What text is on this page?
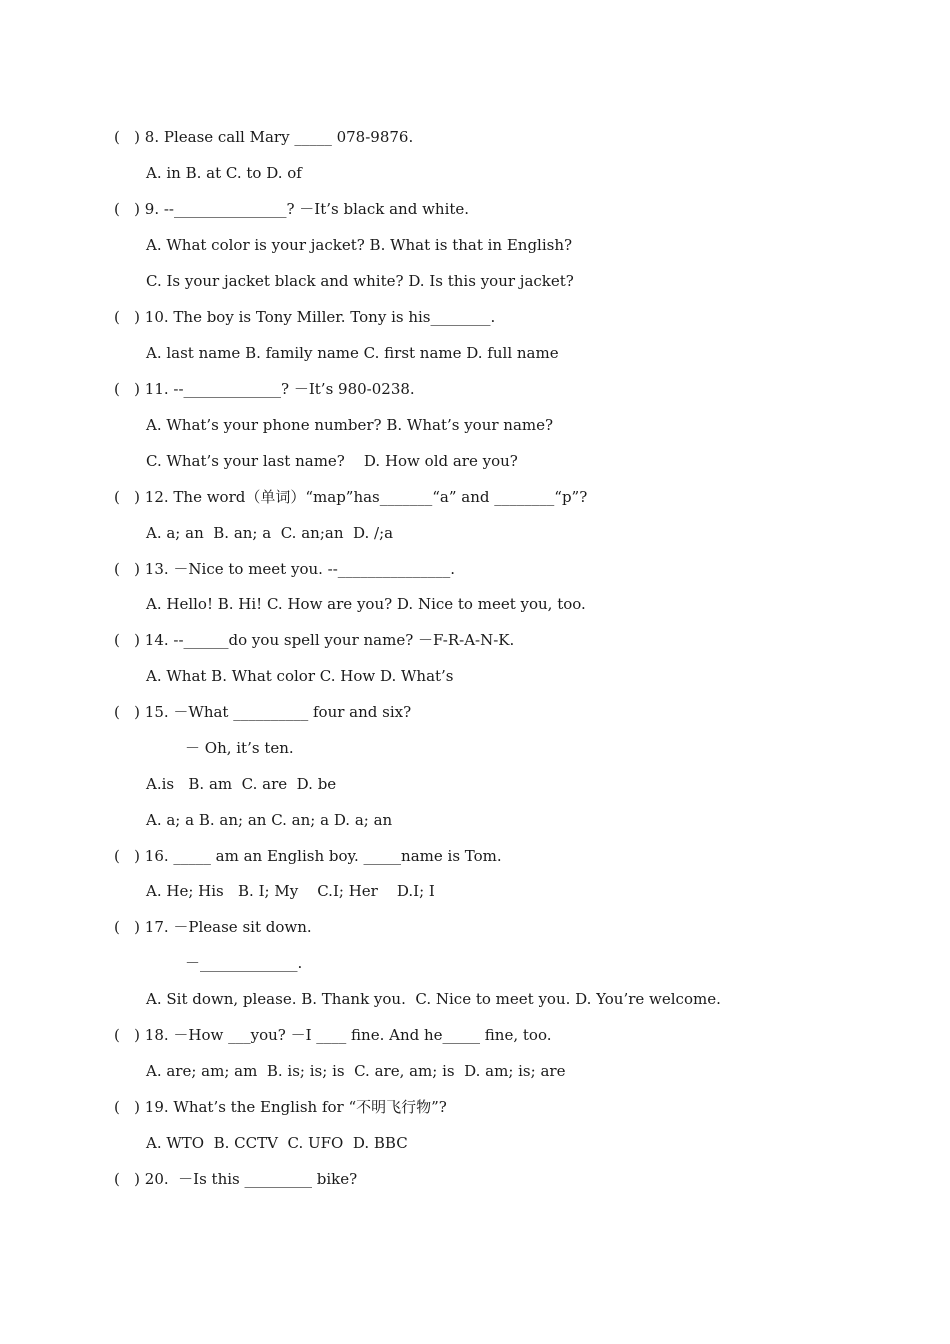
(   ) 8. Please call Mary _____ 078-9876.
A. in B. at C. to D. of
(   ) 9. --_______________? －It’s black and white.
A. What color is your jacket? B. What is that in English?
C. Is your jacket black and white? D. Is this your jacket?
(   ) 10. The boy is Tony Miller. Tony is his________.
A. last name B. family name C. first name D. full name
(   ) 11. --_____________? －It’s 980-0238.
A. What’s your phone number? B. What’s your name?
C. What’s your last name?    D. How old are you?
(   ) 12. The word（单词）“map”has_______“a” and ________“p”?
A. a; an  B. an; a  C. an;an  D. /;a
(   ) 13. －Nice to meet you. --_______________.
A. Hello! B. Hi! C. How are you? D. Nice to meet you, too.
(   ) 14. --______do you spell your name? －F-R-A-N-K.
A. What B. What color C. How D. What’s
(   ) 15. －What __________ four and six?
－ Oh, it’s ten.
A.is   B. am  C. are  D. be
A. a; a B. an; an C. an; a D. a; an
(   ) 16. _____ am an English boy. _____name is Tom.
A. He; His   B. I; My    C.I; Her    D.I; I
(   ) 17. －Please sit down.
－_____________.
A. Sit down, please. B. Thank you.  C. Nice to meet you. D. You’re welcome.
(   ) 18. －How ___you? －I ____ fine. And he_____ fine, too.
A. are; am; am  B. is; is; is  C. are, am; is  D. am; is; are
(   ) 19. What’s the English for “不明飞行物”?
A. WTO  B. CCTV  C. UFO  D. BBC
(   ) 20.  －Is this _________ bike?
